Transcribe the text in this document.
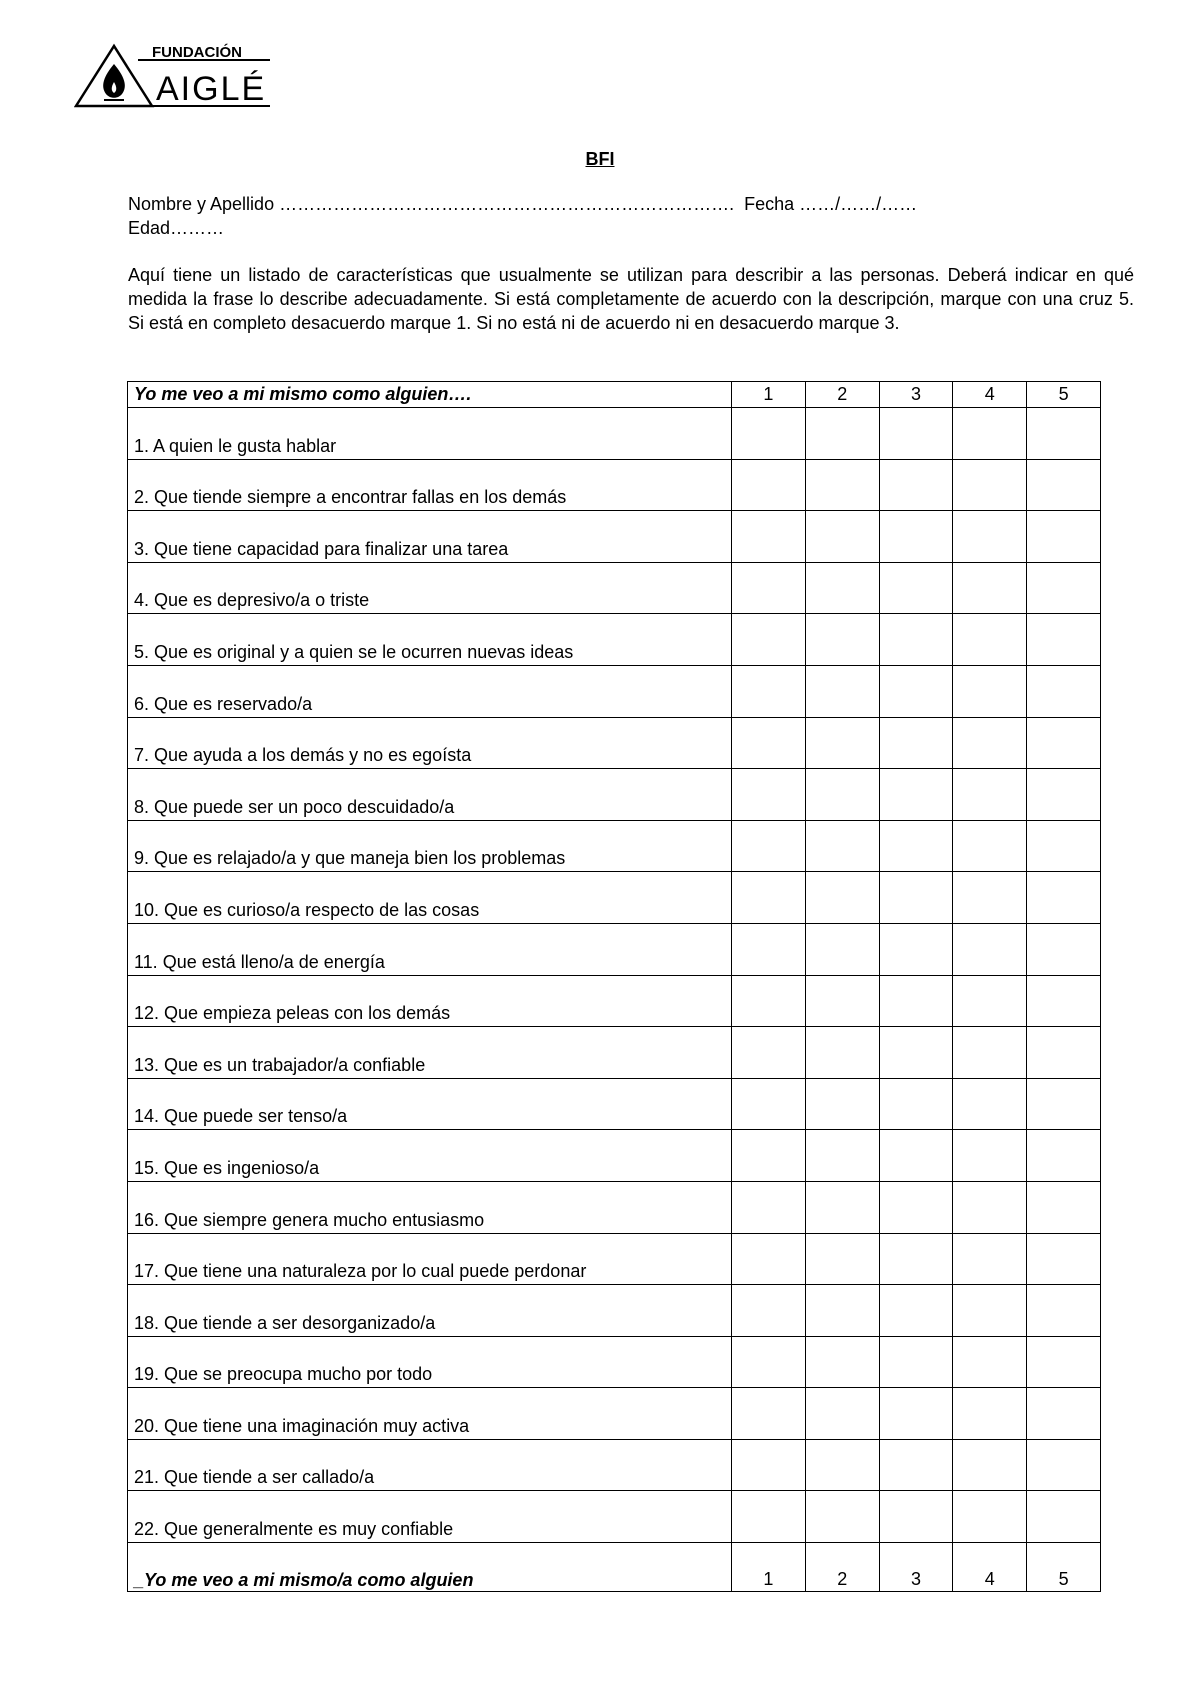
FUNDACIÓN
AIGLÉ
BFI
Nombre y Apellido ………………………………………………………………….  Fecha ……/……/……
Edad………

Aquí tiene un listado de características que usualmente se utilizan para describir a las personas. Deberá indicar en qué medida la frase lo describe adecuadamente. Si está completamente de acuerdo con la descripción, marque con una cruz 5. Si está en completo desacuerdo marque 1. Si no está ni de acuerdo ni en desacuerdo marque 3.

Yo me veo a mi mismo como alguien….	1	2	3	4	5
1. A quien le gusta hablar					
2. Que tiende siempre a encontrar fallas en los demás					
3. Que tiene capacidad para finalizar una tarea					
4. Que es depresivo/a o triste					
5. Que es original y a quien se le ocurren nuevas ideas					
6. Que es reservado/a					
7. Que ayuda a los demás y no es egoísta					
8. Que puede ser un poco descuidado/a					
9. Que es relajado/a y que maneja bien los problemas					
10. Que es curioso/a respecto de las cosas					
11. Que está lleno/a de energía					
12. Que empieza peleas con los demás					
13. Que es un trabajador/a confiable					
14. Que puede ser tenso/a					
15. Que es ingenioso/a					
16. Que siempre genera mucho entusiasmo					
17. Que tiene una naturaleza por lo cual puede perdonar					
18. Que tiende a ser desorganizado/a					
19. Que se preocupa mucho por todo					
20. Que tiene una imaginación muy activa					
21. Que tiende a ser callado/a					
22. Que generalmente es muy confiable					
_Yo me veo a mi mismo/a como alguien	1	2	3	4	5
